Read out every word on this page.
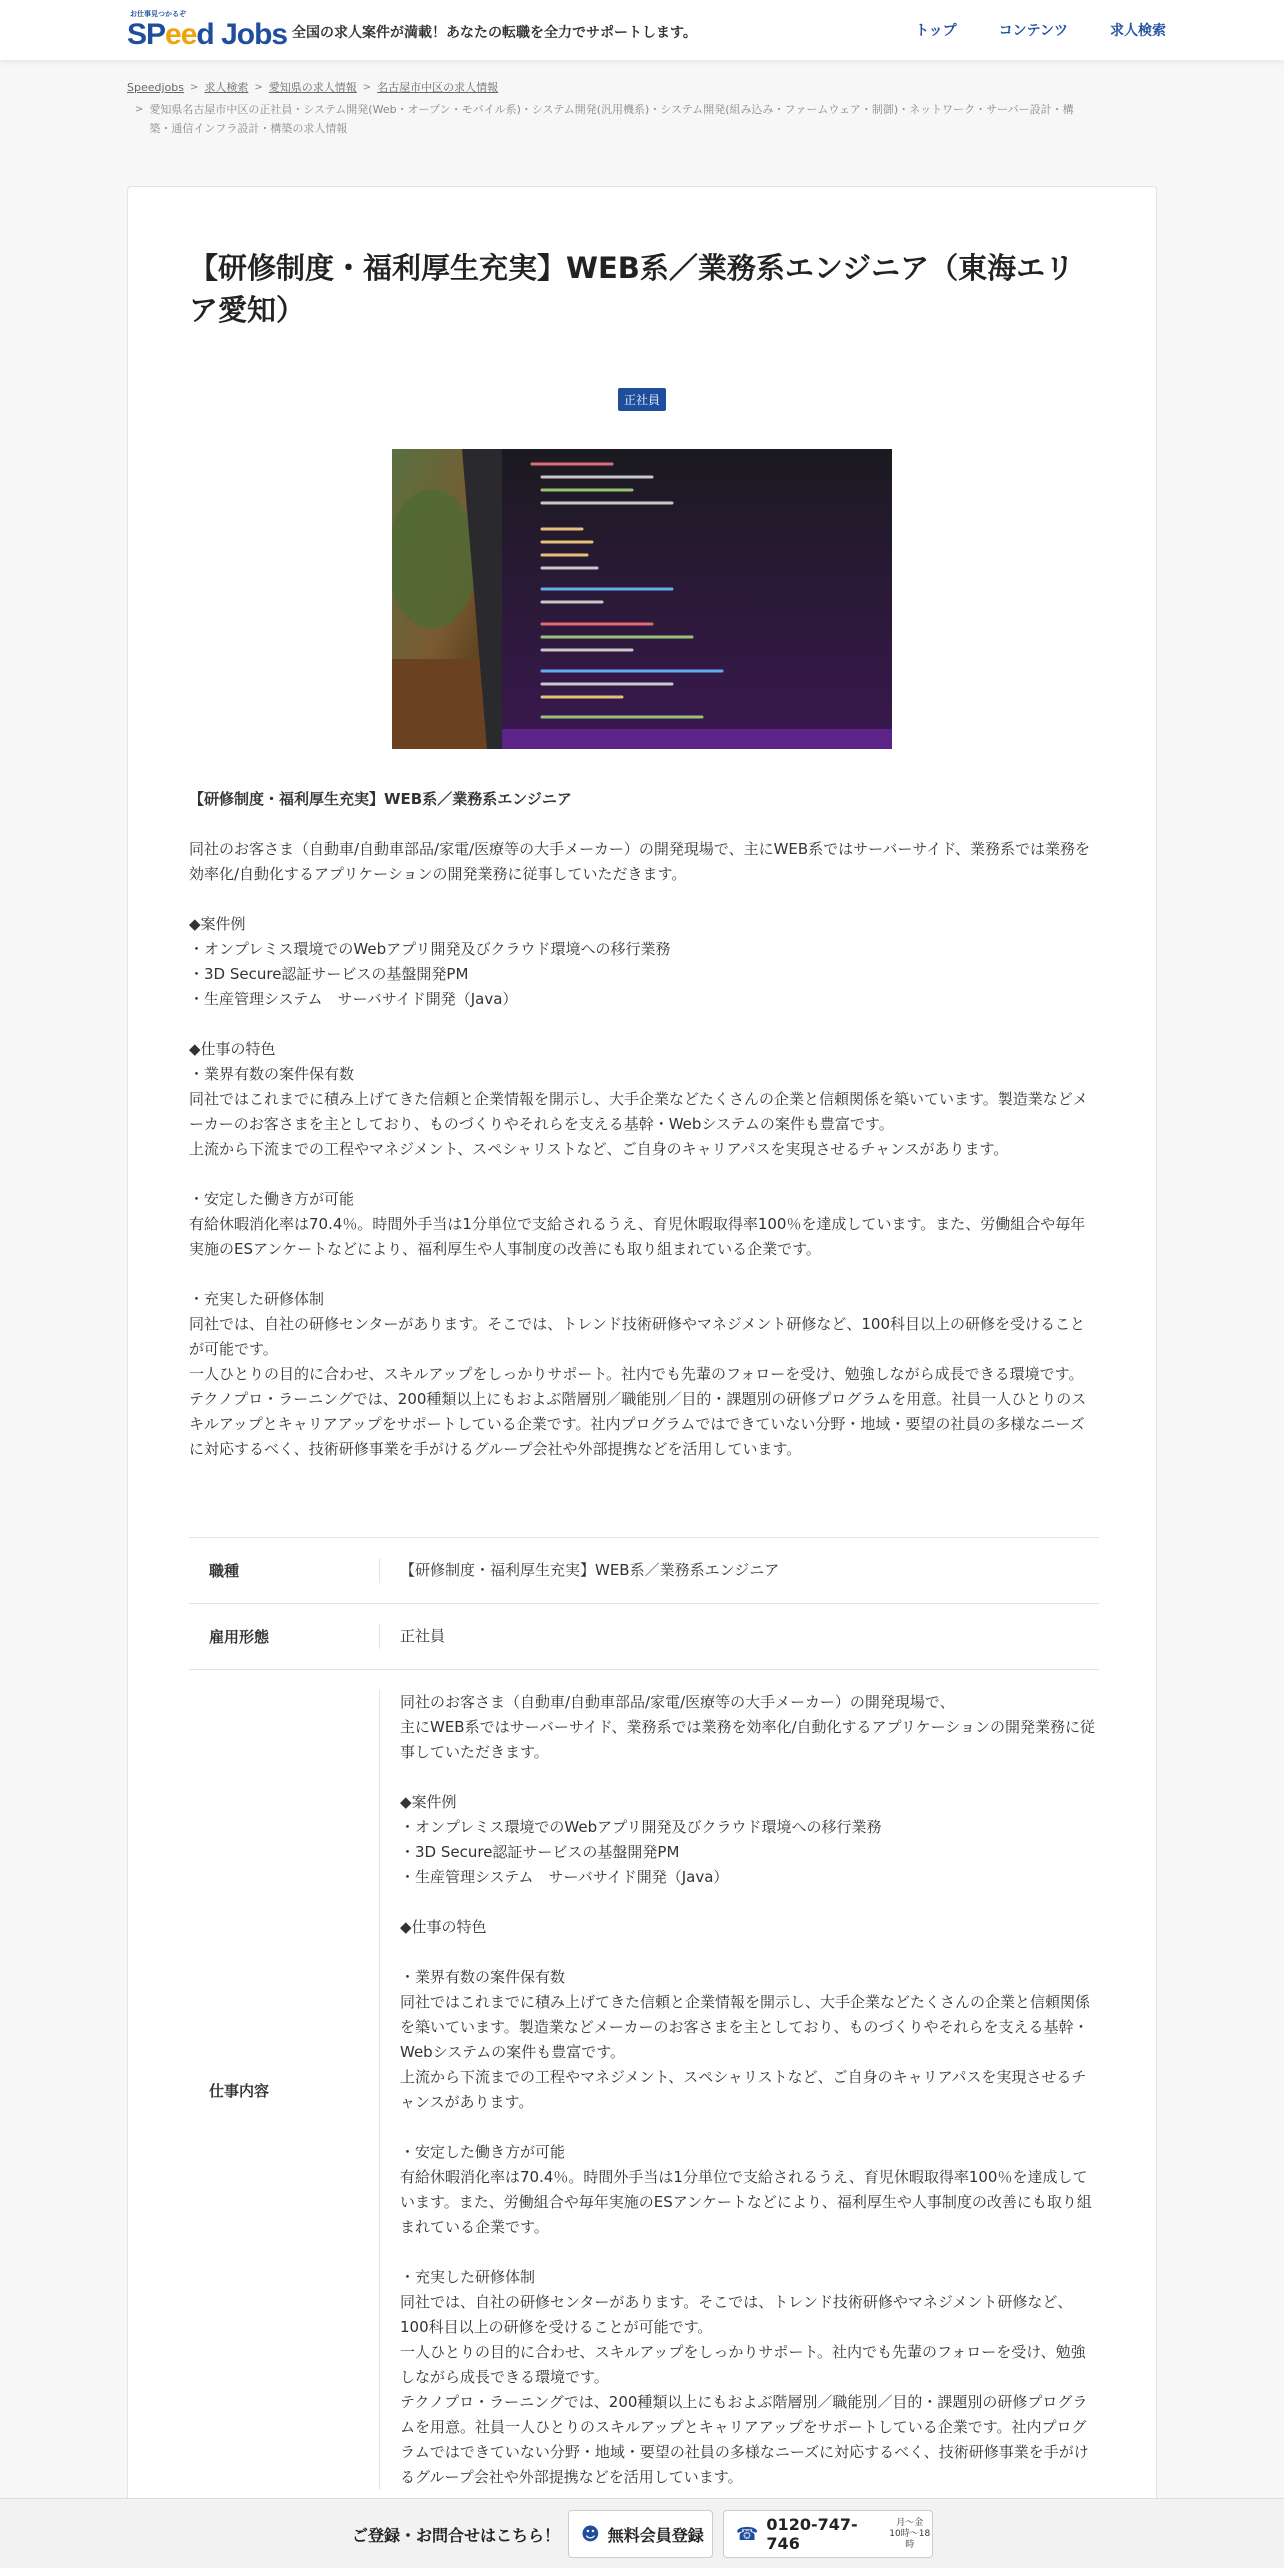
お仕事見つかるぞ
SPeed Jobs 全国の求人案件が満載！あなたの転職を全力でサポートします。	トップ	コンテンツ	求人検索
Speedjobs > 求人検索 > 愛知県の求人情報 > 名古屋市中区の求人情報
> 愛知県名古屋市中区の正社員・システム開発(Web・オープン・モバイル系)・システム開発(汎用機系)・システム開発(組み込み・ファームウェア・制御)・ネットワーク・サーバー設計・構
築・通信インフラ設計・構築の求人情報
【研修制度・福利厚生充実】WEB系／業務系エンジニア（東海エリア愛知）
正社員
【研修制度・福利厚生充実】WEB系／業務系エンジニア

同社のお客さま（自動車/自動車部品/家電/医療等の大手メーカー）の開発現場で、主にWEB系ではサーバーサイド、業務系では業務を効率化/自動化するアプリケーションの開発業務に従事していただきます。

◆案件例
・オンプレミス環境でのWebアプリ開発及びクラウド環境への移行業務
・3D Secure認証サービスの基盤開発PM
・生産管理システム　サーバサイド開発（Java）

◆仕事の特色
・業界有数の案件保有数
同社ではこれまでに積み上げてきた信頼と企業情報を開示し、大手企業などたくさんの企業と信頼関係を築いています。製造業などメーカーのお客さまを主としており、ものづくりやそれらを支える基幹・Webシステムの案件も豊富です。
上流から下流までの工程やマネジメント、スペシャリストなど、ご自身のキャリアパスを実現させるチャンスがあります。

・安定した働き方が可能
有給休暇消化率は70.4％。時間外手当は1分単位で支給されるうえ、育児休暇取得率100％を達成しています。また、労働組合や毎年実施のESアンケートなどにより、福利厚生や人事制度の改善にも取り組まれている企業です。

・充実した研修体制
同社では、自社の研修センターがあります。そこでは、トレンド技術研修やマネジメント研修など、100科目以上の研修を受けることが可能です。
一人ひとりの目的に合わせ、スキルアップをしっかりサポート。社内でも先輩のフォローを受け、勉強しながら成長できる環境です。
テクノプロ・ラーニングでは、200種類以上にもおよぶ階層別／職能別／目的・課題別の研修プログラムを用意。社員一人ひとりのスキルアップとキャリアアップをサポートしている企業です。社内プログラムではできていない分野・地域・要望の社員の多様なニーズに対応するべく、技術研修事業を手がけるグループ会社や外部提携などを活用しています。

職種	【研修制度・福利厚生充実】WEB系／業務系エンジニア
雇用形態	正社員
仕事内容
同社のお客さま（自動車/自動車部品/家電/医療等の大手メーカー）の開発現場で、
主にWEB系ではサーバーサイド、業務系では業務を効率化/自動化するアプリケーションの開発業務に従事していただきます。

◆案件例
・オンプレミス環境でのWebアプリ開発及びクラウド環境への移行業務
・3D Secure認証サービスの基盤開発PM
・生産管理システム　サーバサイド開発（Java）

◆仕事の特色

・業界有数の案件保有数
同社ではこれまでに積み上げてきた信頼と企業情報を開示し、大手企業などたくさんの企業と信頼関係を築いています。製造業などメーカーのお客さまを主としており、ものづくりやそれらを支える基幹・Webシステムの案件も豊富です。
上流から下流までの工程やマネジメント、スペシャリストなど、ご自身のキャリアパスを実現させるチャンスがあります。

・安定した働き方が可能
有給休暇消化率は70.4％。時間外手当は1分単位で支給されるうえ、育児休暇取得率100％を達成しています。また、労働組合や毎年実施のESアンケートなどにより、福利厚生や人事制度の改善にも取り組まれている企業です。

・充実した研修体制
同社では、自社の研修センターがあります。そこでは、トレンド技術研修やマネジメント研修など、100科目以上の研修を受けることが可能です。
一人ひとりの目的に合わせ、スキルアップをしっかりサポート。社内でも先輩のフォローを受け、勉強しながら成長できる環境です。
テクノプロ・ラーニングでは、200種類以上にもおよぶ階層別／職能別／目的・課題別の研修プログラムを用意。社員一人ひとりのスキルアップとキャリアアップをサポートしている企業です。社内プログラムではできていない分野・地域・要望の社員の多様なニーズに対応するべく、技術研修事業を手がけるグループ会社や外部提携などを活用しています。
ご登録・お問合せはこちら！ ☻ 無料会員登録 ☎ 0120-747-746
月～金
10時～18時
